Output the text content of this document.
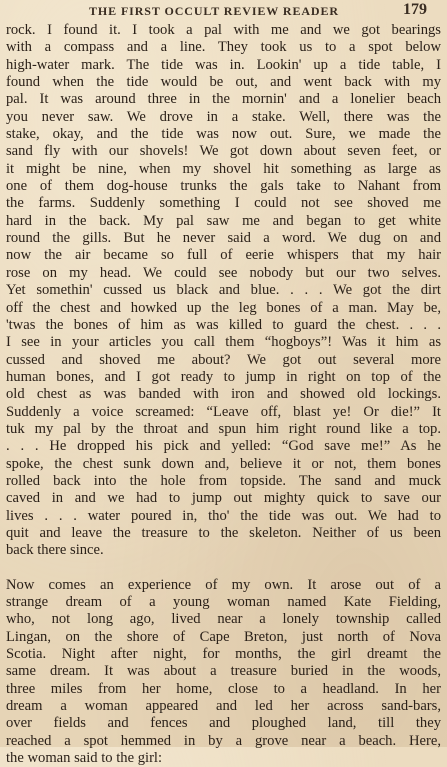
THE FIRST OCCULT REVIEW READER	179
rock. I found it. I took a pal with me and we got bearings
with a compass and a line. They took us to a spot below
high-water mark. The tide was in. Lookin' up a tide table, I
found when the tide would be out, and went back with my
pal. It was around three in the mornin' and a lonelier beach
you never saw. We drove in a stake. Well, there was the
stake, okay, and the tide was now out. Sure, we made the
sand fly with our shovels! We got down about seven feet, or
it might be nine, when my shovel hit something as large as
one of them dog-house trunks the gals take to Nahant from
the farms. Suddenly something I could not see shoved me
hard in the back. My pal saw me and began to get white
round the gills. But he never said a word. We dug on and
now the air became so full of eerie whispers that my hair
rose on my head. We could see nobody but our two selves.
Yet somethin' cussed us black and blue. . . . We got the dirt
off the chest and howked up the leg bones of a man. May be,
'twas the bones of him as was killed to guard the chest. . . .
I see in your articles you call them “hogboys”! Was it him as
cussed and shoved me about? We got out several more
human bones, and I got ready to jump in right on top of the
old chest as was banded with iron and showed old lockings.
Suddenly a voice screamed: “Leave off, blast ye! Or die!” It
tuk my pal by the throat and spun him right round like a top.
. . . He dropped his pick and yelled: “God save me!” As he
spoke, the chest sunk down and, believe it or not, them bones
rolled back into the hole from topside. The sand and muck
caved in and we had to jump out mighty quick to save our
lives . . . water poured in, tho' the tide was out. We had to
quit and leave the treasure to the skeleton. Neither of us been
back there since.
Now comes an experience of my own. It arose out of a
strange dream of a young woman named Kate Fielding,
who, not long ago, lived near a lonely township called
Lingan, on the shore of Cape Breton, just north of Nova
Scotia. Night after night, for months, the girl dreamt the
same dream. It was about a treasure buried in the woods,
three miles from her home, close to a headland. In her
dream a woman appeared and led her across sand-bars,
over fields and fences and ploughed land, till they
reached a spot hemmed in by a grove near a beach. Here,
the woman said to the girl:
